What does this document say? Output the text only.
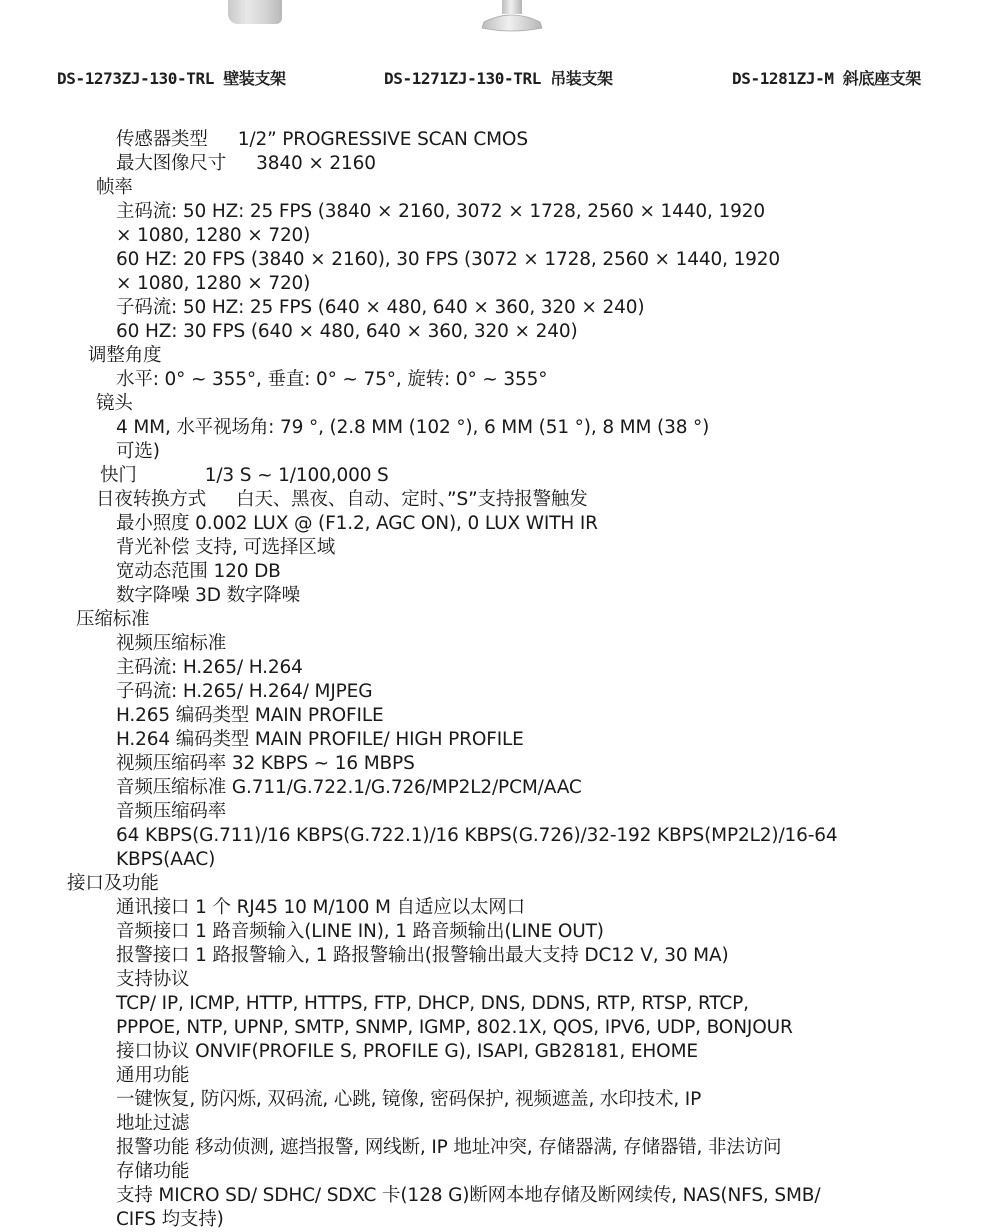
DS-1273ZJ-130-TRL 壁装支架	DS-1271ZJ-130-TRL 吊装支架	DS-1281ZJ-M 斜底座支架
传感器类型 1/2” PROGRESSIVE SCAN CMOS
最大图像尺寸 3840 × 2160
帧率
主码流: 50 HZ: 25 FPS (3840 × 2160, 3072 × 1728, 2560 × 1440, 1920
× 1080, 1280 × 720)
60 HZ: 20 FPS (3840 × 2160), 30 FPS (3072 × 1728, 2560 × 1440, 1920
× 1080, 1280 × 720)
子码流: 50 HZ: 25 FPS (640 × 480, 640 × 360, 320 × 240)
60 HZ: 30 FPS (640 × 480, 640 × 360, 320 × 240)
调整角度
水平: 0° ~ 355°, 垂直: 0° ~ 75°, 旋转: 0° ~ 355°
镜头
4 MM, 水平视场角: 79 °, (2.8 MM (102 °), 6 MM (51 °), 8 MM (38 °)
可选)
快门	1/3 S ~ 1/100,000 S
日夜转换方式 白天、黑夜、自动、定时、”S”支持报警触发
最小照度 0.002 LUX @ (F1.2, AGC ON), 0 LUX WITH IR
背光补偿 支持, 可选择区域
宽动态范围 120 DB
数字降噪 3D 数字降噪
压缩标准
视频压缩标准
主码流: H.265/ H.264
子码流: H.265/ H.264/ MJPEG
H.265 编码类型 MAIN PROFILE
H.264 编码类型 MAIN PROFILE/ HIGH PROFILE
视频压缩码率 32 KBPS ~ 16 MBPS
音频压缩标准 G.711/G.722.1/G.726/MP2L2/PCM/AAC
音频压缩码率
64 KBPS(G.711)/16 KBPS(G.722.1)/16 KBPS(G.726)/32-192 KBPS(MP2L2)/16-64
KBPS(AAC)
接口及功能
通讯接口 1 个 RJ45 10 M/100 M 自适应以太网口
音频接口 1 路音频输入(LINE IN), 1 路音频输出(LINE OUT)
报警接口 1 路报警输入, 1 路报警输出(报警输出最大支持 DC12 V, 30 MA)
支持协议
TCP/ IP, ICMP, HTTP, HTTPS, FTP, DHCP, DNS, DDNS, RTP, RTSP, RTCP,
PPPOE, NTP, UPNP, SMTP, SNMP, IGMP, 802.1X, QOS, IPV6, UDP, BONJOUR
接口协议 ONVIF(PROFILE S, PROFILE G), ISAPI, GB28181, EHOME
通用功能
一键恢复, 防闪烁, 双码流, 心跳, 镜像, 密码保护, 视频遮盖, 水印技术, IP
地址过滤
报警功能 移动侦测, 遮挡报警, 网线断, IP 地址冲突, 存储器满, 存储器错, 非法访问
存储功能
支持 MICRO SD/ SDHC/ SDXC 卡(128 G)断网本地存储及断网续传, NAS(NFS, SMB/
CIFS 均支持)
